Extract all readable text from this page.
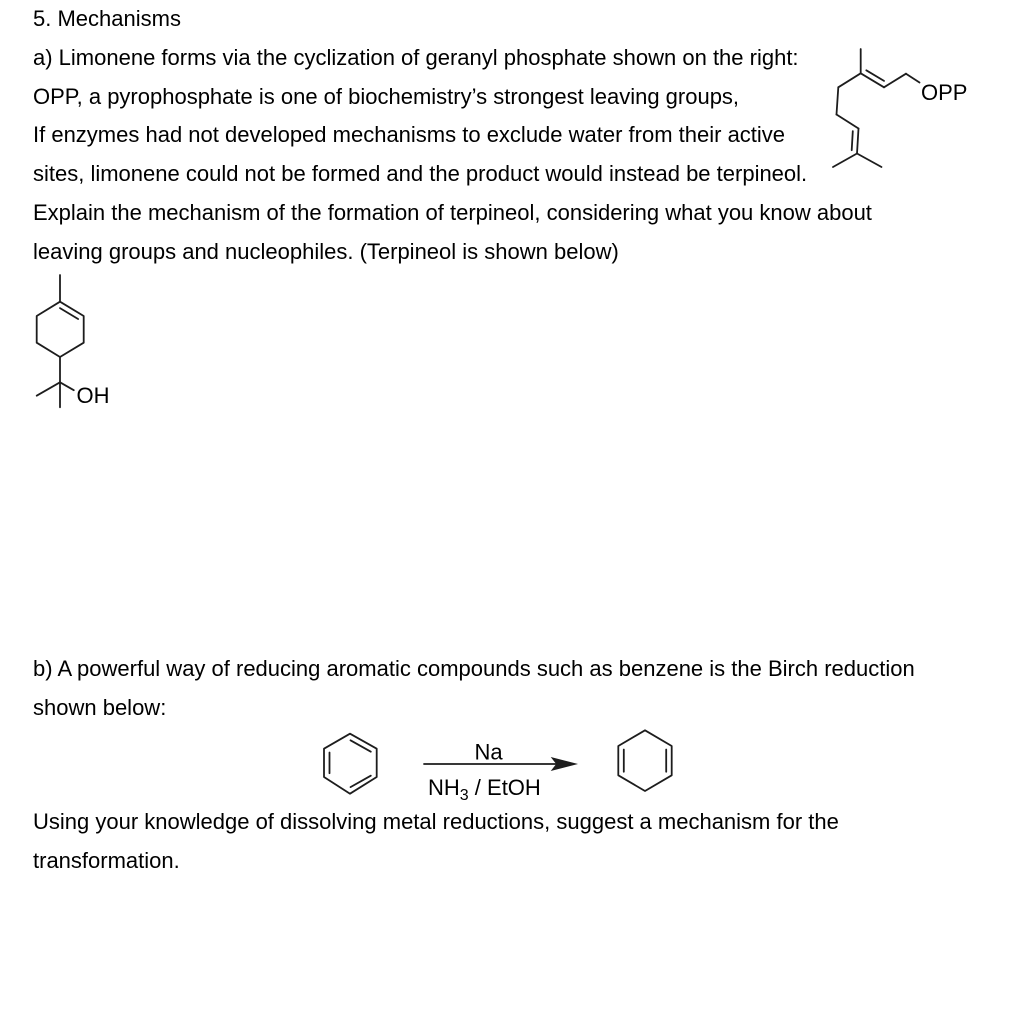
5. Mechanisms
a) Limonene forms via the cyclization of geranyl phosphate shown on the right:
OPP, a pyrophosphate is one of biochemistry’s strongest leaving groups,
If enzymes had not developed mechanisms to exclude water from their active
sites, limonene could not be formed and the product would instead be terpineol.
Explain the mechanism of the formation of terpineol, considering what you know about
leaving groups and nucleophiles. (Terpineol is shown below)
b) A powerful way of reducing aromatic compounds such as benzene is the Birch reduction
shown below:
Using your knowledge of dissolving metal reductions, suggest a mechanism for the
transformation.
OPP
OH
Na
$NH_3$ / EtOH
